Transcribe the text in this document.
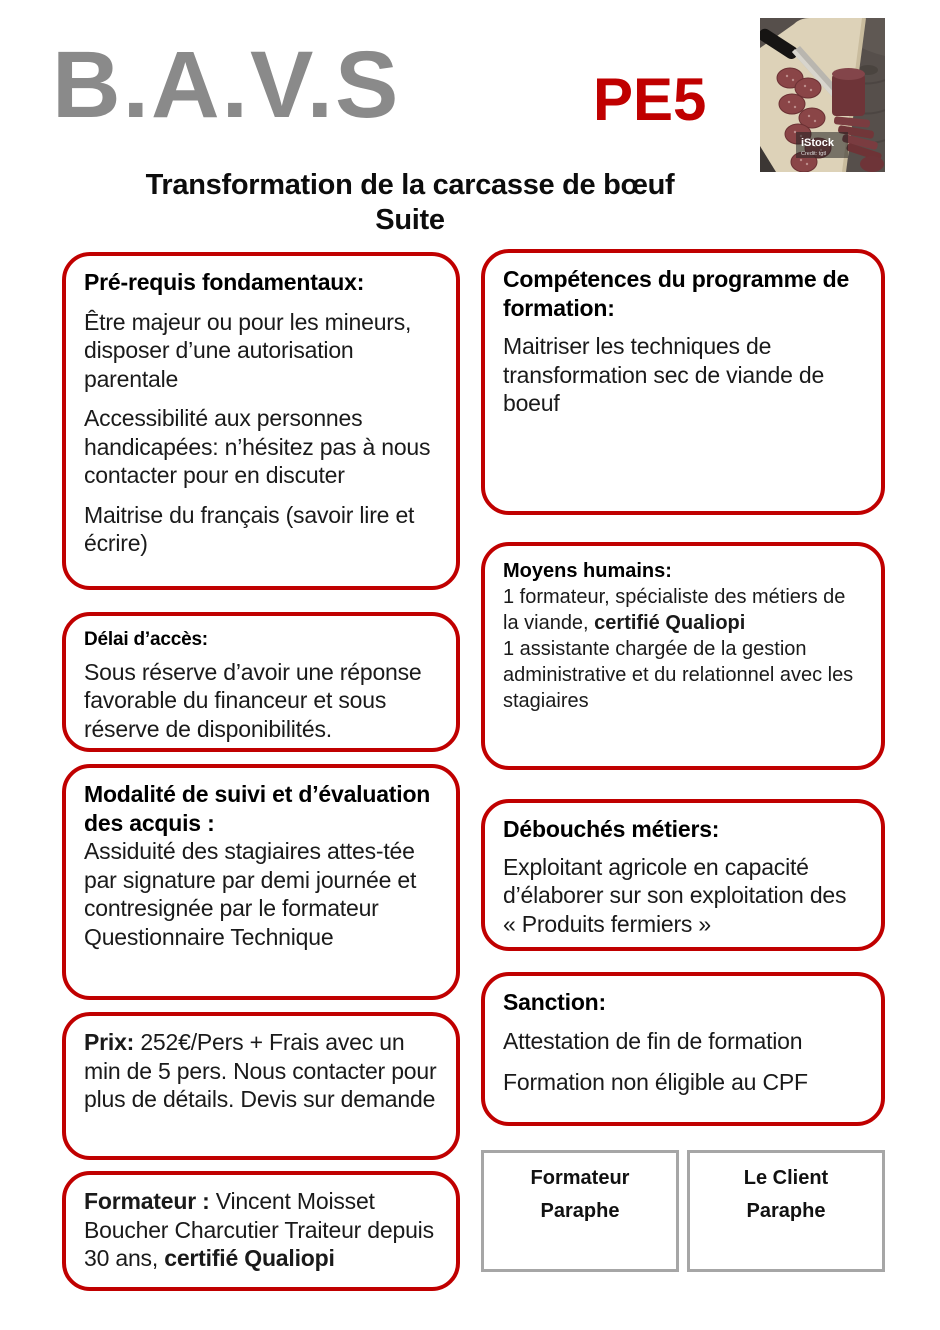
B.A.V.S	PE5
iStock
Credit: tgtl
Transformation de la carcasse de bœuf
Suite

Pré-requis fondamentaux:

Être majeur ou pour les mineurs, disposer d’une autorisation parentale

Accessibilité aux personnes handicapées: n’hésitez pas à nous contacter pour en discuter

Maitrise du français (savoir lire et écrire)

Délai d’accès:

Sous réserve d’avoir une réponse favorable du financeur et sous réserve de disponibilités.

Modalité de suivi et d’évaluation des acquis :

Assiduité des stagiaires attes-tée par signature par demi journée et contresignée par le formateur

Questionnaire Technique

Prix: 252€/Pers + Frais avec un min de 5 pers. Nous contacter pour plus de détails. Devis sur demande

Formateur : Vincent Moisset Boucher Charcutier Traiteur depuis 30 ans, certifié Qualiopi

Compétences du programme de formation:

Maitriser les techniques de transformation sec de viande de boeuf

Moyens humains:

1 formateur, spécialiste des métiers de la viande, certifié Qualiopi

1 assistante chargée de la gestion administrative et du relationnel avec les stagiaires

Débouchés métiers:

Exploitant agricole en capacité d’élaborer sur son exploitation des « Produits fermiers »

Sanction:

Attestation de fin de formation

Formation non éligible au CPF

Formateur
Paraphe
Le Client
Paraphe
